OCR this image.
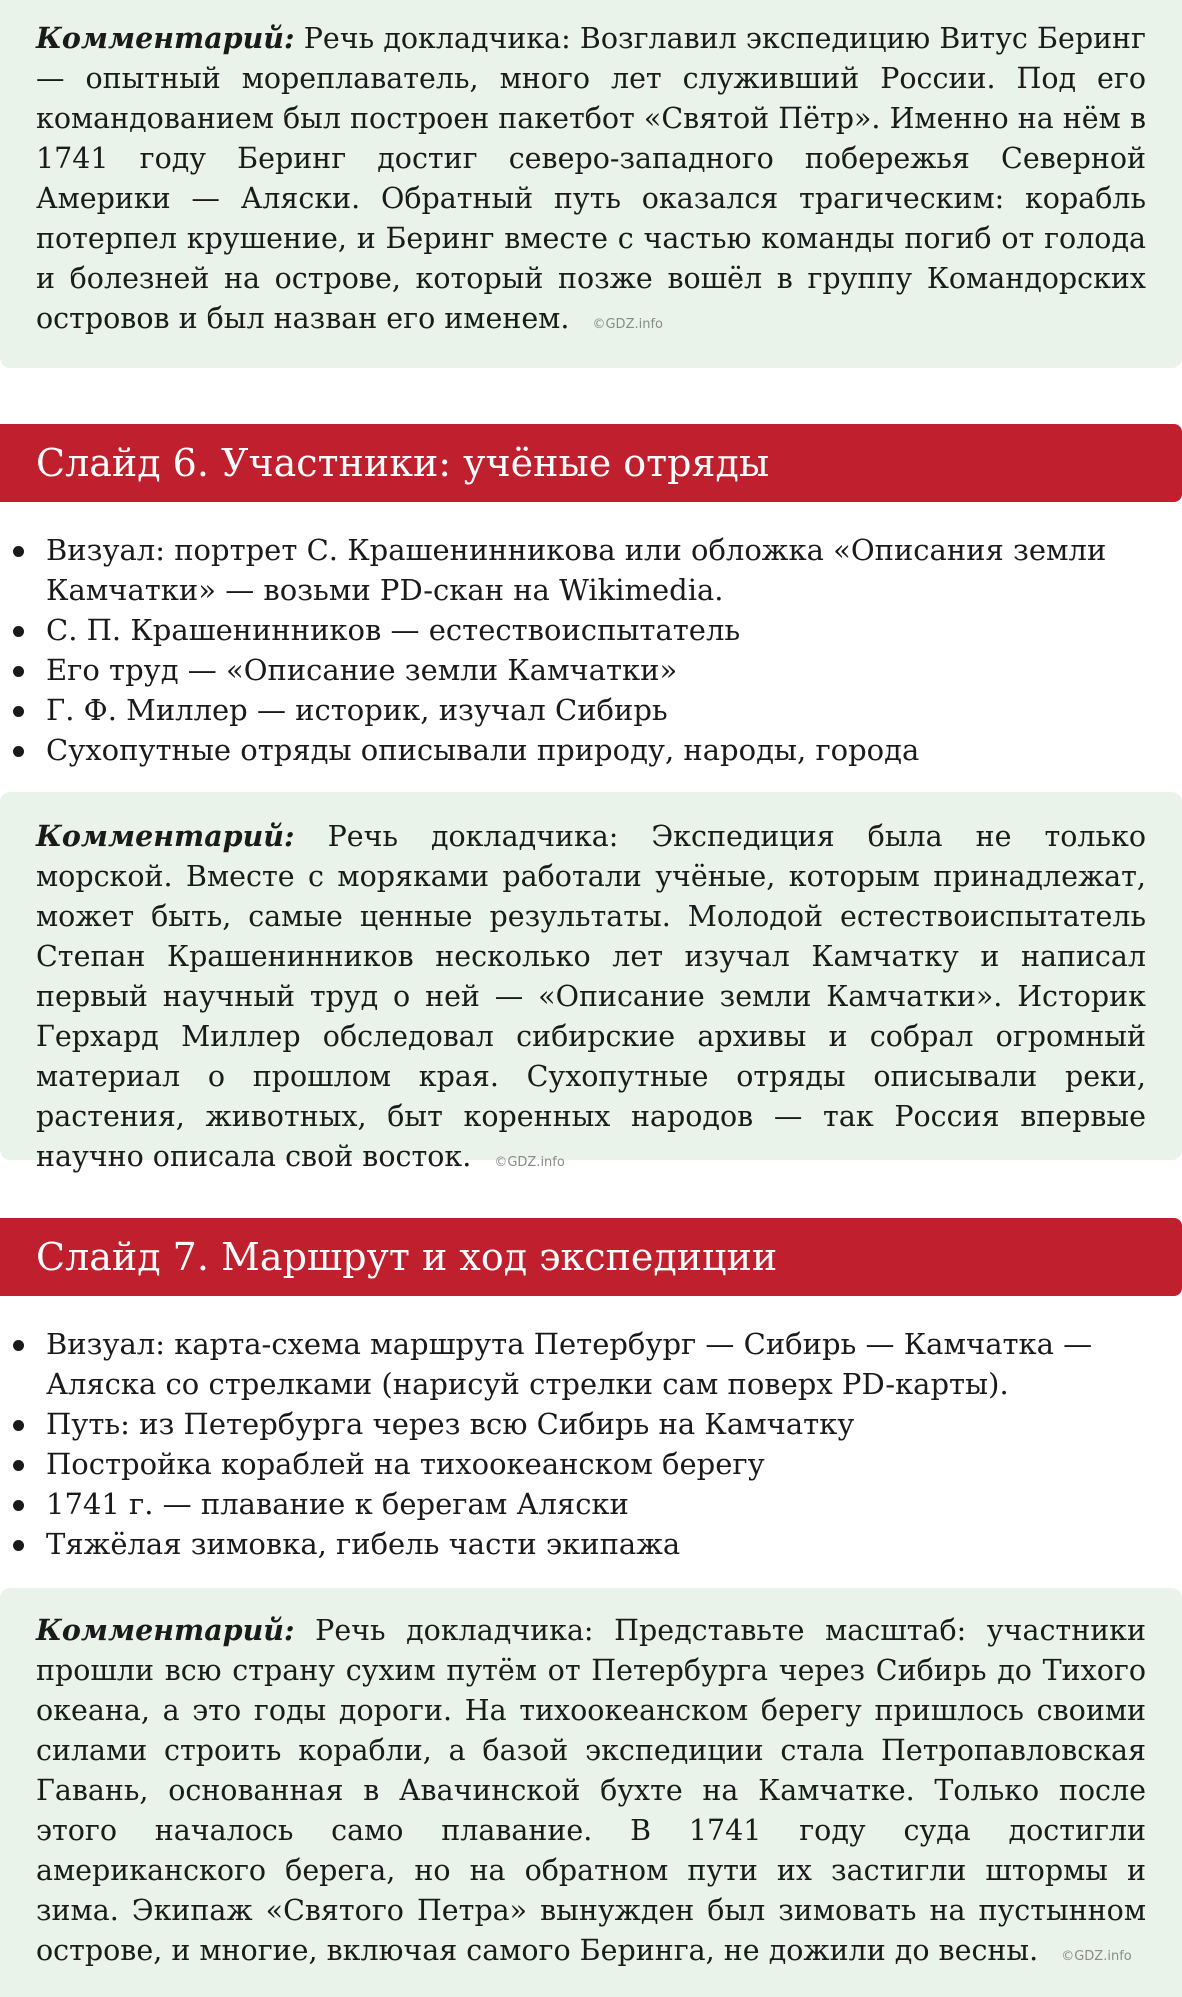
Комментарий: Речь докладчика: Возглавил экспедицию Витус Беринг — опытный мореплаватель, много лет служивший России. Под его командованием был построен пакетбот «Святой Пётр». Именно на нём в 1741 году Беринг достиг северо-западного побережья Северной Америки — Аляски. Обратный путь оказался трагическим: корабль потерпел крушение, и Беринг вместе с частью команды погиб от голода и болезней на острове, который позже вошёл в группу Командорских островов и был назван его именем. ©GDZ.info
Слайд 6. Участники: учёные отряды
Визуал: портрет С. Крашенинникова или обложка «Описания земли Камчатки» — возьми PD-скан на Wikimedia.
С. П. Крашенинников — естествоиспытатель
Его труд — «Описание земли Камчатки»
Г. Ф. Миллер — историк, изучал Сибирь
Сухопутные отряды описывали природу, народы, города
Комментарий: Речь докладчика: Экспедиция была не только морской. Вместе с моряками работали учёные, которым принадлежат, может быть, самые ценные результаты. Молодой естествоиспытатель Степан Крашенинников несколько лет изучал Камчатку и написал первый научный труд о ней — «Описание земли Камчатки». Историк Герхард Миллер обследовал сибирские архивы и собрал огромный материал о прошлом края. Сухопутные отряды описывали реки, растения, животных, быт коренных народов — так Россия впервые научно описала свой восток. ©GDZ.info
Слайд 7. Маршрут и ход экспедиции
Визуал: карта-схема маршрута Петербург — Сибирь — Камчатка — Аляска со стрелками (нарисуй стрелки сам поверх PD-карты).
Путь: из Петербурга через всю Сибирь на Камчатку
Постройка кораблей на тихоокеанском берегу
1741 г. — плавание к берегам Аляски
Тяжёлая зимовка, гибель части экипажа
Комментарий: Речь докладчика: Представьте масштаб: участники прошли всю страну сухим путём от Петербурга через Сибирь до Тихого океана, а это годы дороги. На тихоокеанском берегу пришлось своими силами строить корабли, а базой экспедиции стала Петропавловская Гавань, основанная в Авачинской бухте на Камчатке. Только после этого началось само плавание. В 1741 году суда достигли американского берега, но на обратном пути их застигли штормы и зима. Экипаж «Святого Петра» вынужден был зимовать на пустынном острове, и многие, включая самого Беринга, не дожили до весны. ©GDZ.info
